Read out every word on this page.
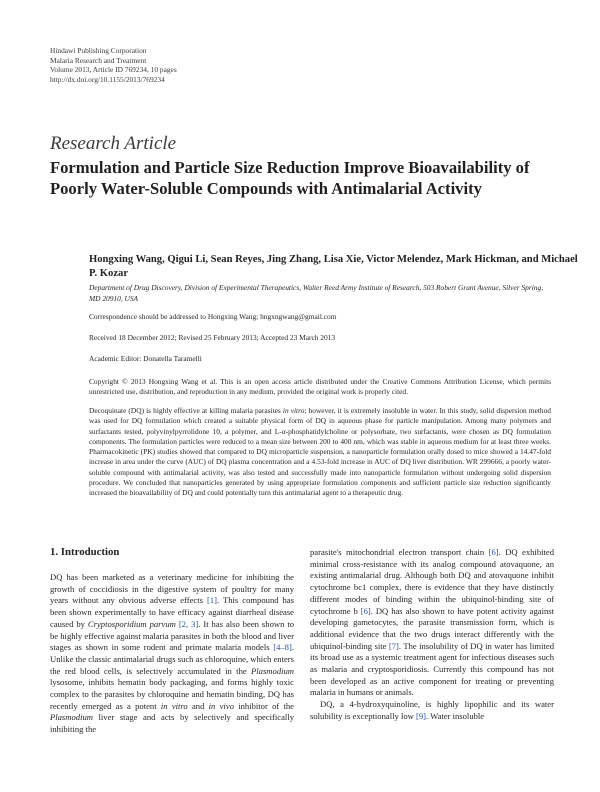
Hindawi Publishing Corporation
Malaria Research and Treatment
Volume 2013, Article ID 769234, 10 pages
http://dx.doi.org/10.1155/2013/769234
Research Article
Formulation and Particle Size Reduction Improve Bioavailability of Poorly Water-Soluble Compounds with Antimalarial Activity
Hongxing Wang, Qigui Li, Sean Reyes, Jing Zhang, Lisa Xie, Victor Melendez, Mark Hickman, and Michael P. Kozar
Department of Drug Discovery, Division of Experimental Therapeutics, Walter Reed Army Institute of Research, 503 Robert Grant Avenue, Silver Spring, MD 20910, USA
Correspondence should be addressed to Hongxing Wang; hngxngwang@gmail.com
Received 18 December 2012; Revised 25 February 2013; Accepted 23 March 2013
Academic Editor: Donatella Taramelli
Copyright © 2013 Hongxing Wang et al. This is an open access article distributed under the Creative Commons Attribution License, which permits unrestricted use, distribution, and reproduction in any medium, provided the original work is properly cited.
Decoquinate (DQ) is highly effective at killing malaria parasites in vitro; however, it is extremely insoluble in water. In this study, solid dispersion method was used for DQ formulation which created a suitable physical form of DQ in aqueous phase for particle manipulation. Among many polymers and surfactants tested, polyvinylpyrrolidone 10, a polymer, and L-α-phosphatidylcholine or polysorbate, two surfactants, were chosen as DQ formulation components. The formulation particles were reduced to a mean size between 200 to 400 nm, which was stable in aqueous medium for at least three weeks. Pharmacokinetic (PK) studies showed that compared to DQ microparticle suspension, a nanoparticle formulation orally dosed to mice showed a 14.47-fold increase in area under the curve (AUC) of DQ plasma concentration and a 4.53-fold increase in AUC of DQ liver distribution. WR 299666, a poorly water-soluble compound with antimalarial activity, was also tested and successfully made into nanoparticle formulation without undergoing solid dispersion procedure. We concluded that nanoparticles generated by using appropriate formulation components and sufficient particle size reduction significantly increased the bioavailability of DQ and could potentially turn this antimalarial agent to a therapeutic drug.
1. Introduction

DQ has been marketed as a veterinary medicine for inhibiting the growth of coccidiosis in the digestive system of poultry for many years without any obvious adverse effects [1]. This compound has been shown experimentally to have efficacy against diarrheal disease caused by Cryptosporidium parvum [2, 3]. It has also been shown to be highly effective against malaria parasites in both the blood and liver stages as shown in some rodent and primate malaria models [4–8]. Unlike the classic antimalarial drugs such as chloroquine, which enters the red blood cells, is selectively accumulated in the Plasmodium lysosome, inhibits hematin body packaging, and forms highly toxic complex to the parasites by chloroquine and hematin binding, DQ has recently emerged as a potent in vitro and in vivo inhibitor of the Plasmodium liver stage and acts by selectively and specifically inhibiting the

parasite's mitochondrial electron transport chain [6]. DQ exhibited minimal cross-resistance with its analog compound atovaquone, an existing antimalarial drug. Although both DQ and atovaquone inhibit cytochrome bc1 complex, there is evidence that they have distinctly different modes of binding within the ubiquinol-binding site of cytochrome b [6]. DQ has also shown to have potent activity against developing gametocytes, the parasite transmission form, which is additional evidence that the two drugs interact differently with the ubiquinol-binding site [7]. The insolubility of DQ in water has limited its broad use as a systemic treatment agent for infectious diseases such as malaria and cryptosporidiosis. Currently this compound has not been developed as an active component for treating or preventing malaria in humans or animals.

DQ, a 4-hydroxyquinoline, is highly lipophilic and its water solubility is exceptionally low [9]. Water insoluble
